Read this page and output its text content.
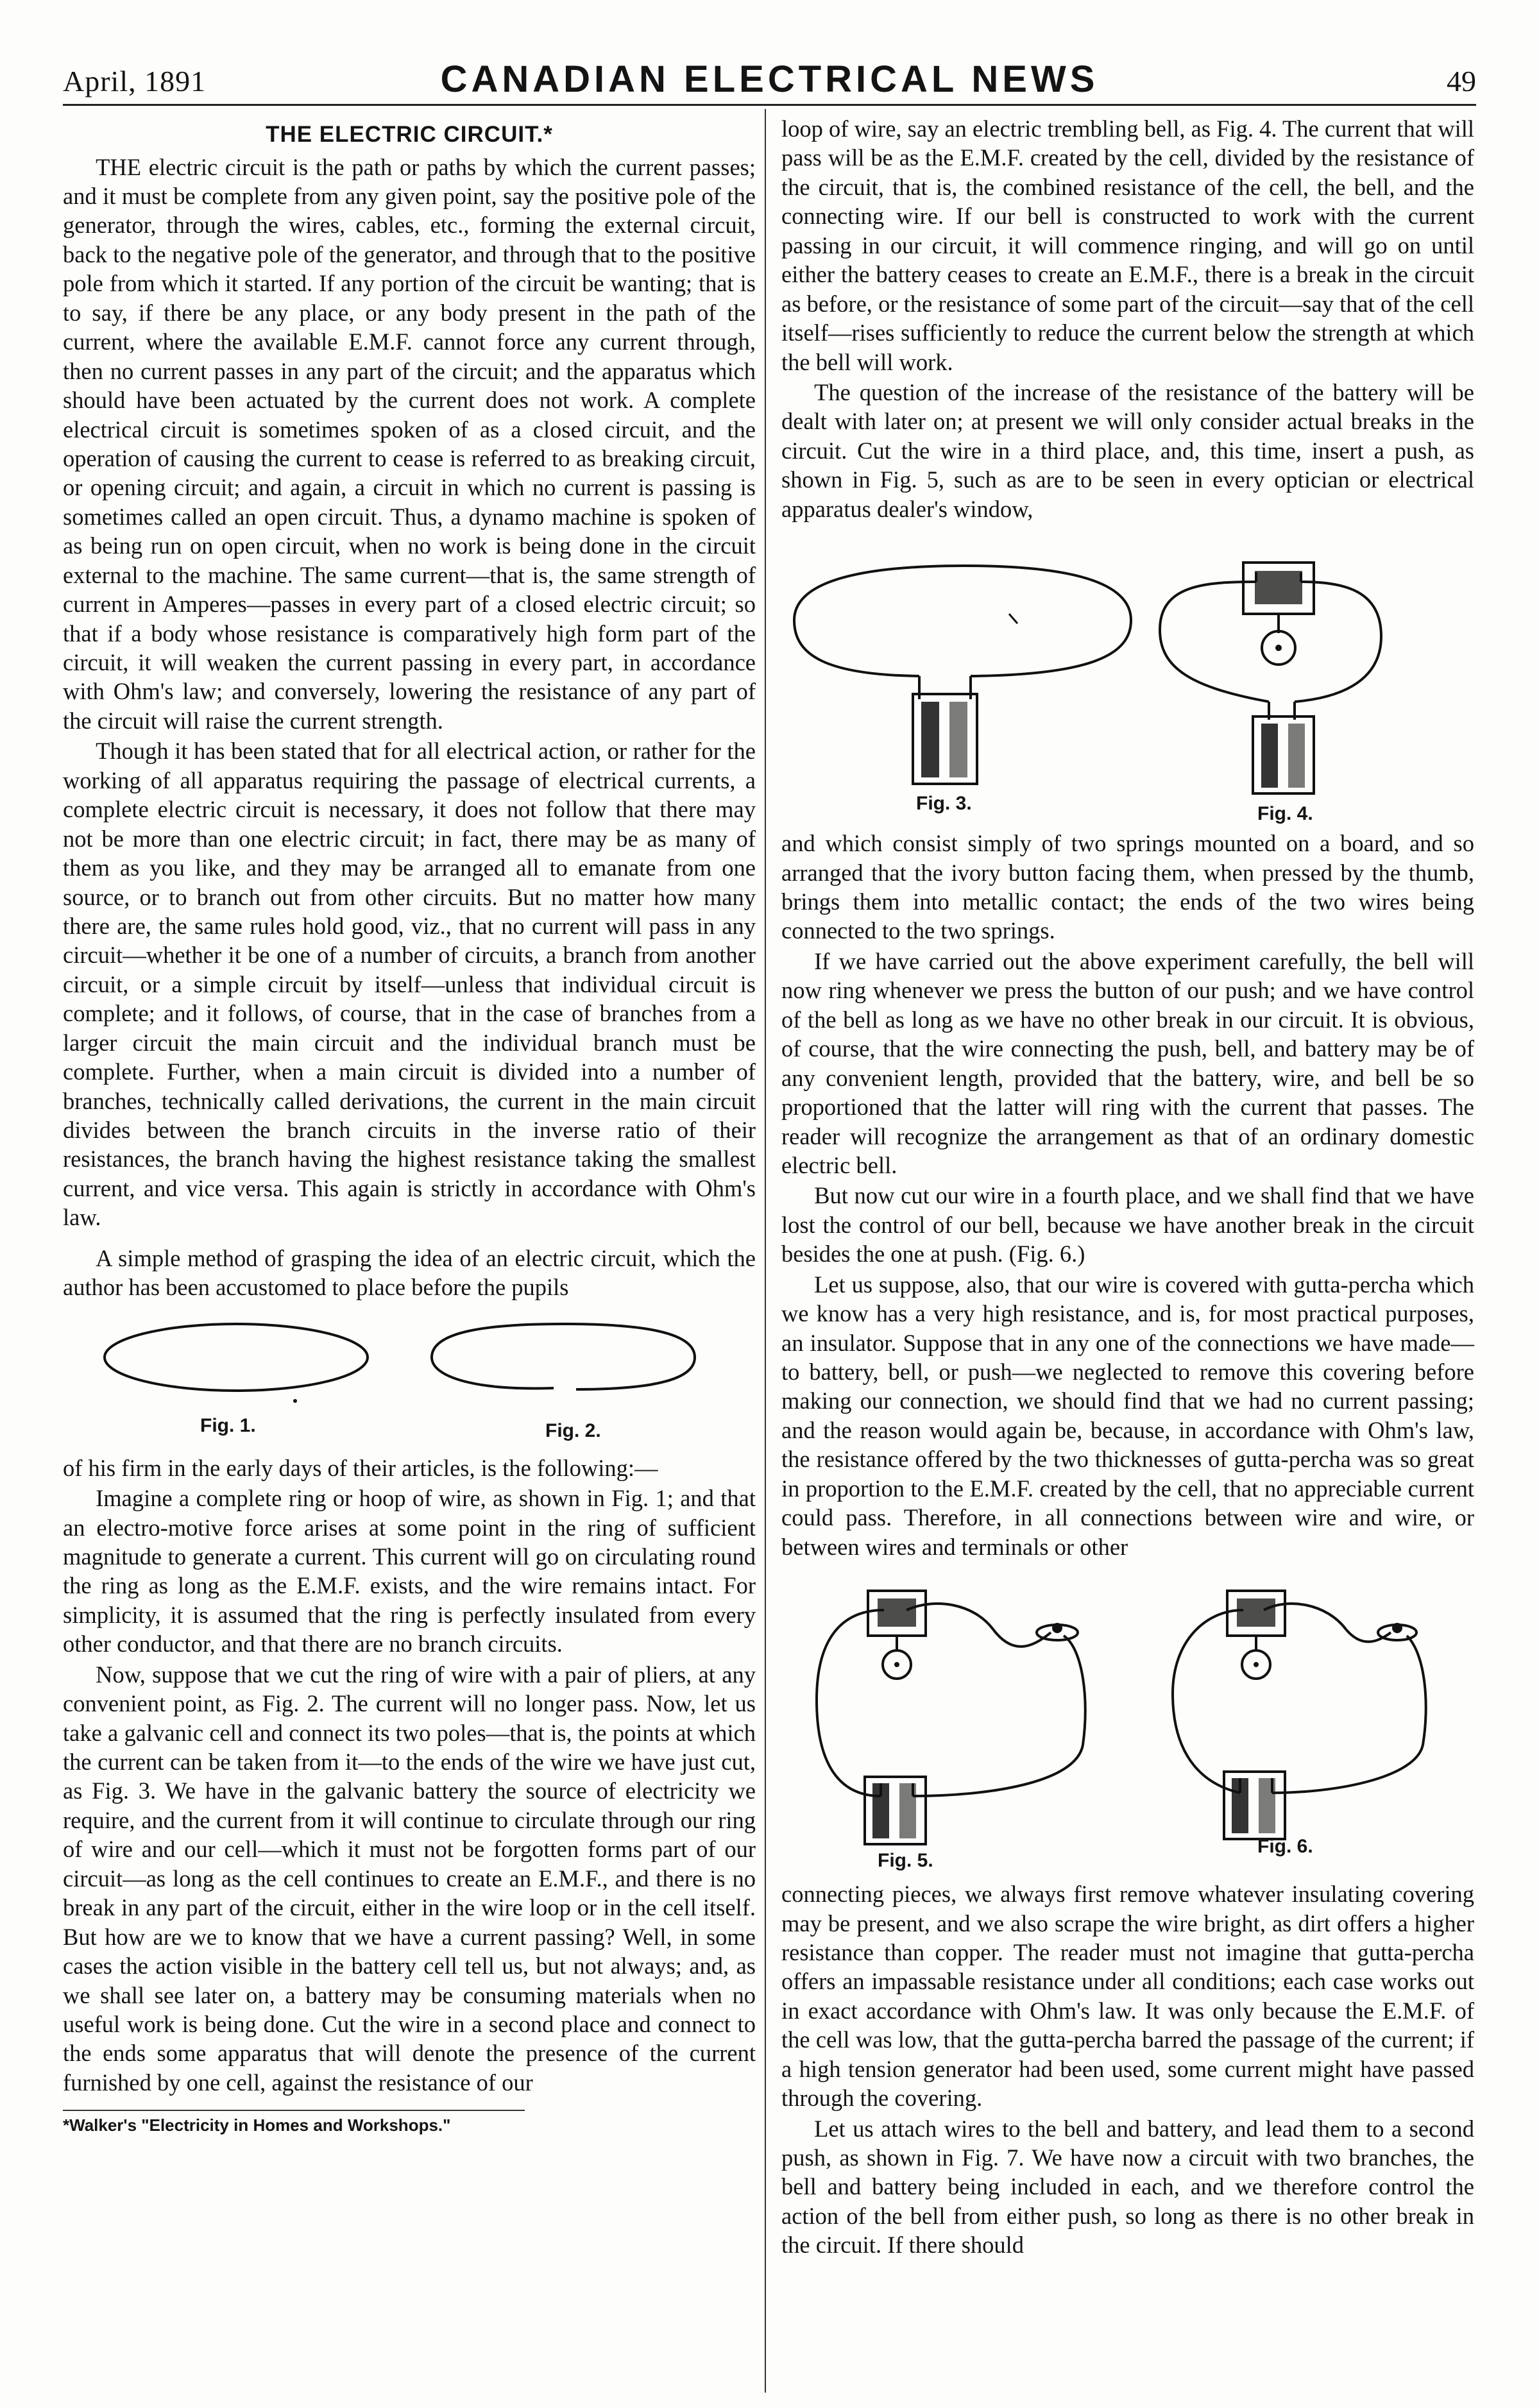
April, 1891	CANADIAN ELECTRICAL NEWS	49
THE ELECTRIC CIRCUIT.*

THE electric circuit is the path or paths by which the current passes; and it must be complete from any given point, say the positive pole of the generator, through the wires, cables, etc., forming the external circuit, back to the negative pole of the generator, and through that to the positive pole from which it started. If any portion of the circuit be wanting; that is to say, if there be any place, or any body present in the path of the current, where the available E.M.F. cannot force any current through, then no current passes in any part of the circuit; and the apparatus which should have been actuated by the current does not work. A complete electrical circuit is sometimes spoken of as a closed circuit, and the operation of causing the current to cease is referred to as breaking circuit, or opening circuit; and again, a circuit in which no current is passing is sometimes called an open circuit. Thus, a dynamo machine is spoken of as being run on open circuit, when no work is being done in the circuit external to the machine. The same current—that is, the same strength of current in Amperes—passes in every part of a closed electric circuit; so that if a body whose resistance is comparatively high form part of the circuit, it will weaken the current passing in every part, in accordance with Ohm's law; and conversely, lowering the resistance of any part of the circuit will raise the current strength.

Though it has been stated that for all electrical action, or rather for the working of all apparatus requiring the passage of electrical currents, a complete electric circuit is necessary, it does not follow that there may not be more than one electric circuit; in fact, there may be as many of them as you like, and they may be arranged all to emanate from one source, or to branch out from other circuits. But no matter how many there are, the same rules hold good, viz., that no current will pass in any circuit—whether it be one of a number of circuits, a branch from another circuit, or a simple circuit by itself—unless that individual circuit is complete; and it follows, of course, that in the case of branches from a larger circuit the main circuit and the individual branch must be complete. Further, when a main circuit is divided into a number of branches, technically called derivations, the current in the main circuit divides between the branch circuits in the inverse ratio of their resistances, the branch having the highest resistance taking the smallest current, and vice versa. This again is strictly in accordance with Ohm's law.

A simple method of grasping the idea of an electric circuit, which the author has been accustomed to place before the pupils

Fig. 1.	Fig. 2.

of his firm in the early days of their articles, is the following:—

Imagine a complete ring or hoop of wire, as shown in Fig. 1; and that an electro-motive force arises at some point in the ring of sufficient magnitude to generate a current. This current will go on circulating round the ring as long as the E.M.F. exists, and the wire remains intact. For simplicity, it is assumed that the ring is perfectly insulated from every other conductor, and that there are no branch circuits.

Now, suppose that we cut the ring of wire with a pair of pliers, at any convenient point, as Fig. 2. The current will no longer pass. Now, let us take a galvanic cell and connect its two poles—that is, the points at which the current can be taken from it—to the ends of the wire we have just cut, as Fig. 3. We have in the galvanic battery the source of electricity we require, and the current from it will continue to circulate through our ring of wire and our cell—which it must not be forgotten forms part of our circuit—as long as the cell continues to create an E.M.F., and there is no break in any part of the circuit, either in the wire loop or in the cell itself. But how are we to know that we have a current passing? Well, in some cases the action visible in the battery cell tell us, but not always; and, as we shall see later on, a battery may be consuming materials when no useful work is being done. Cut the wire in a second place and connect to the ends some apparatus that will denote the presence of the current furnished by one cell, against the resistance of our

*Walker's "Electricity in Homes and Workshops."

loop of wire, say an electric trembling bell, as Fig. 4. The current that will pass will be as the E.M.F. created by the cell, divided by the resistance of the circuit, that is, the combined resistance of the cell, the bell, and the connecting wire. If our bell is constructed to work with the current passing in our circuit, it will commence ringing, and will go on until either the battery ceases to create an E.M.F., there is a break in the circuit as before, or the resistance of some part of the circuit—say that of the cell itself—rises sufficiently to reduce the current below the strength at which the bell will work.

The question of the increase of the resistance of the battery will be dealt with later on; at present we will only consider actual breaks in the circuit. Cut the wire in a third place, and, this time, insert a push, as shown in Fig. 5, such as are to be seen in every optician or electrical apparatus dealer's window,

Fig. 3.	Fig. 4.

and which consist simply of two springs mounted on a board, and so arranged that the ivory button facing them, when pressed by the thumb, brings them into metallic contact; the ends of the two wires being connected to the two springs.

If we have carried out the above experiment carefully, the bell will now ring whenever we press the button of our push; and we have control of the bell as long as we have no other break in our circuit. It is obvious, of course, that the wire connecting the push, bell, and battery may be of any convenient length, provided that the battery, wire, and bell be so proportioned that the latter will ring with the current that passes. The reader will recognize the arrangement as that of an ordinary domestic electric bell.

But now cut our wire in a fourth place, and we shall find that we have lost the control of our bell, because we have another break in the circuit besides the one at push. (Fig. 6.)

Let us suppose, also, that our wire is covered with gutta-percha which we know has a very high resistance, and is, for most practical purposes, an insulator. Suppose that in any one of the connections we have made—to battery, bell, or push—we neglected to remove this covering before making our connection, we should find that we had no current passing; and the reason would again be, because, in accordance with Ohm's law, the resistance offered by the two thicknesses of gutta-percha was so great in proportion to the E.M.F. created by the cell, that no appreciable current could pass. Therefore, in all connections between wire and wire, or between wires and terminals or other

Fig. 5.
Fig. 6.

connecting pieces, we always first remove whatever insulating covering may be present, and we also scrape the wire bright, as dirt offers a higher resistance than copper. The reader must not imagine that gutta-percha offers an impassable resistance under all conditions; each case works out in exact accordance with Ohm's law. It was only because the E.M.F. of the cell was low, that the gutta-percha barred the passage of the current; if a high tension generator had been used, some current might have passed through the covering.

Let us attach wires to the bell and battery, and lead them to a second push, as shown in Fig. 7. We have now a circuit with two branches, the bell and battery being included in each, and we therefore control the action of the bell from either push, so long as there is no other break in the circuit. If there should
